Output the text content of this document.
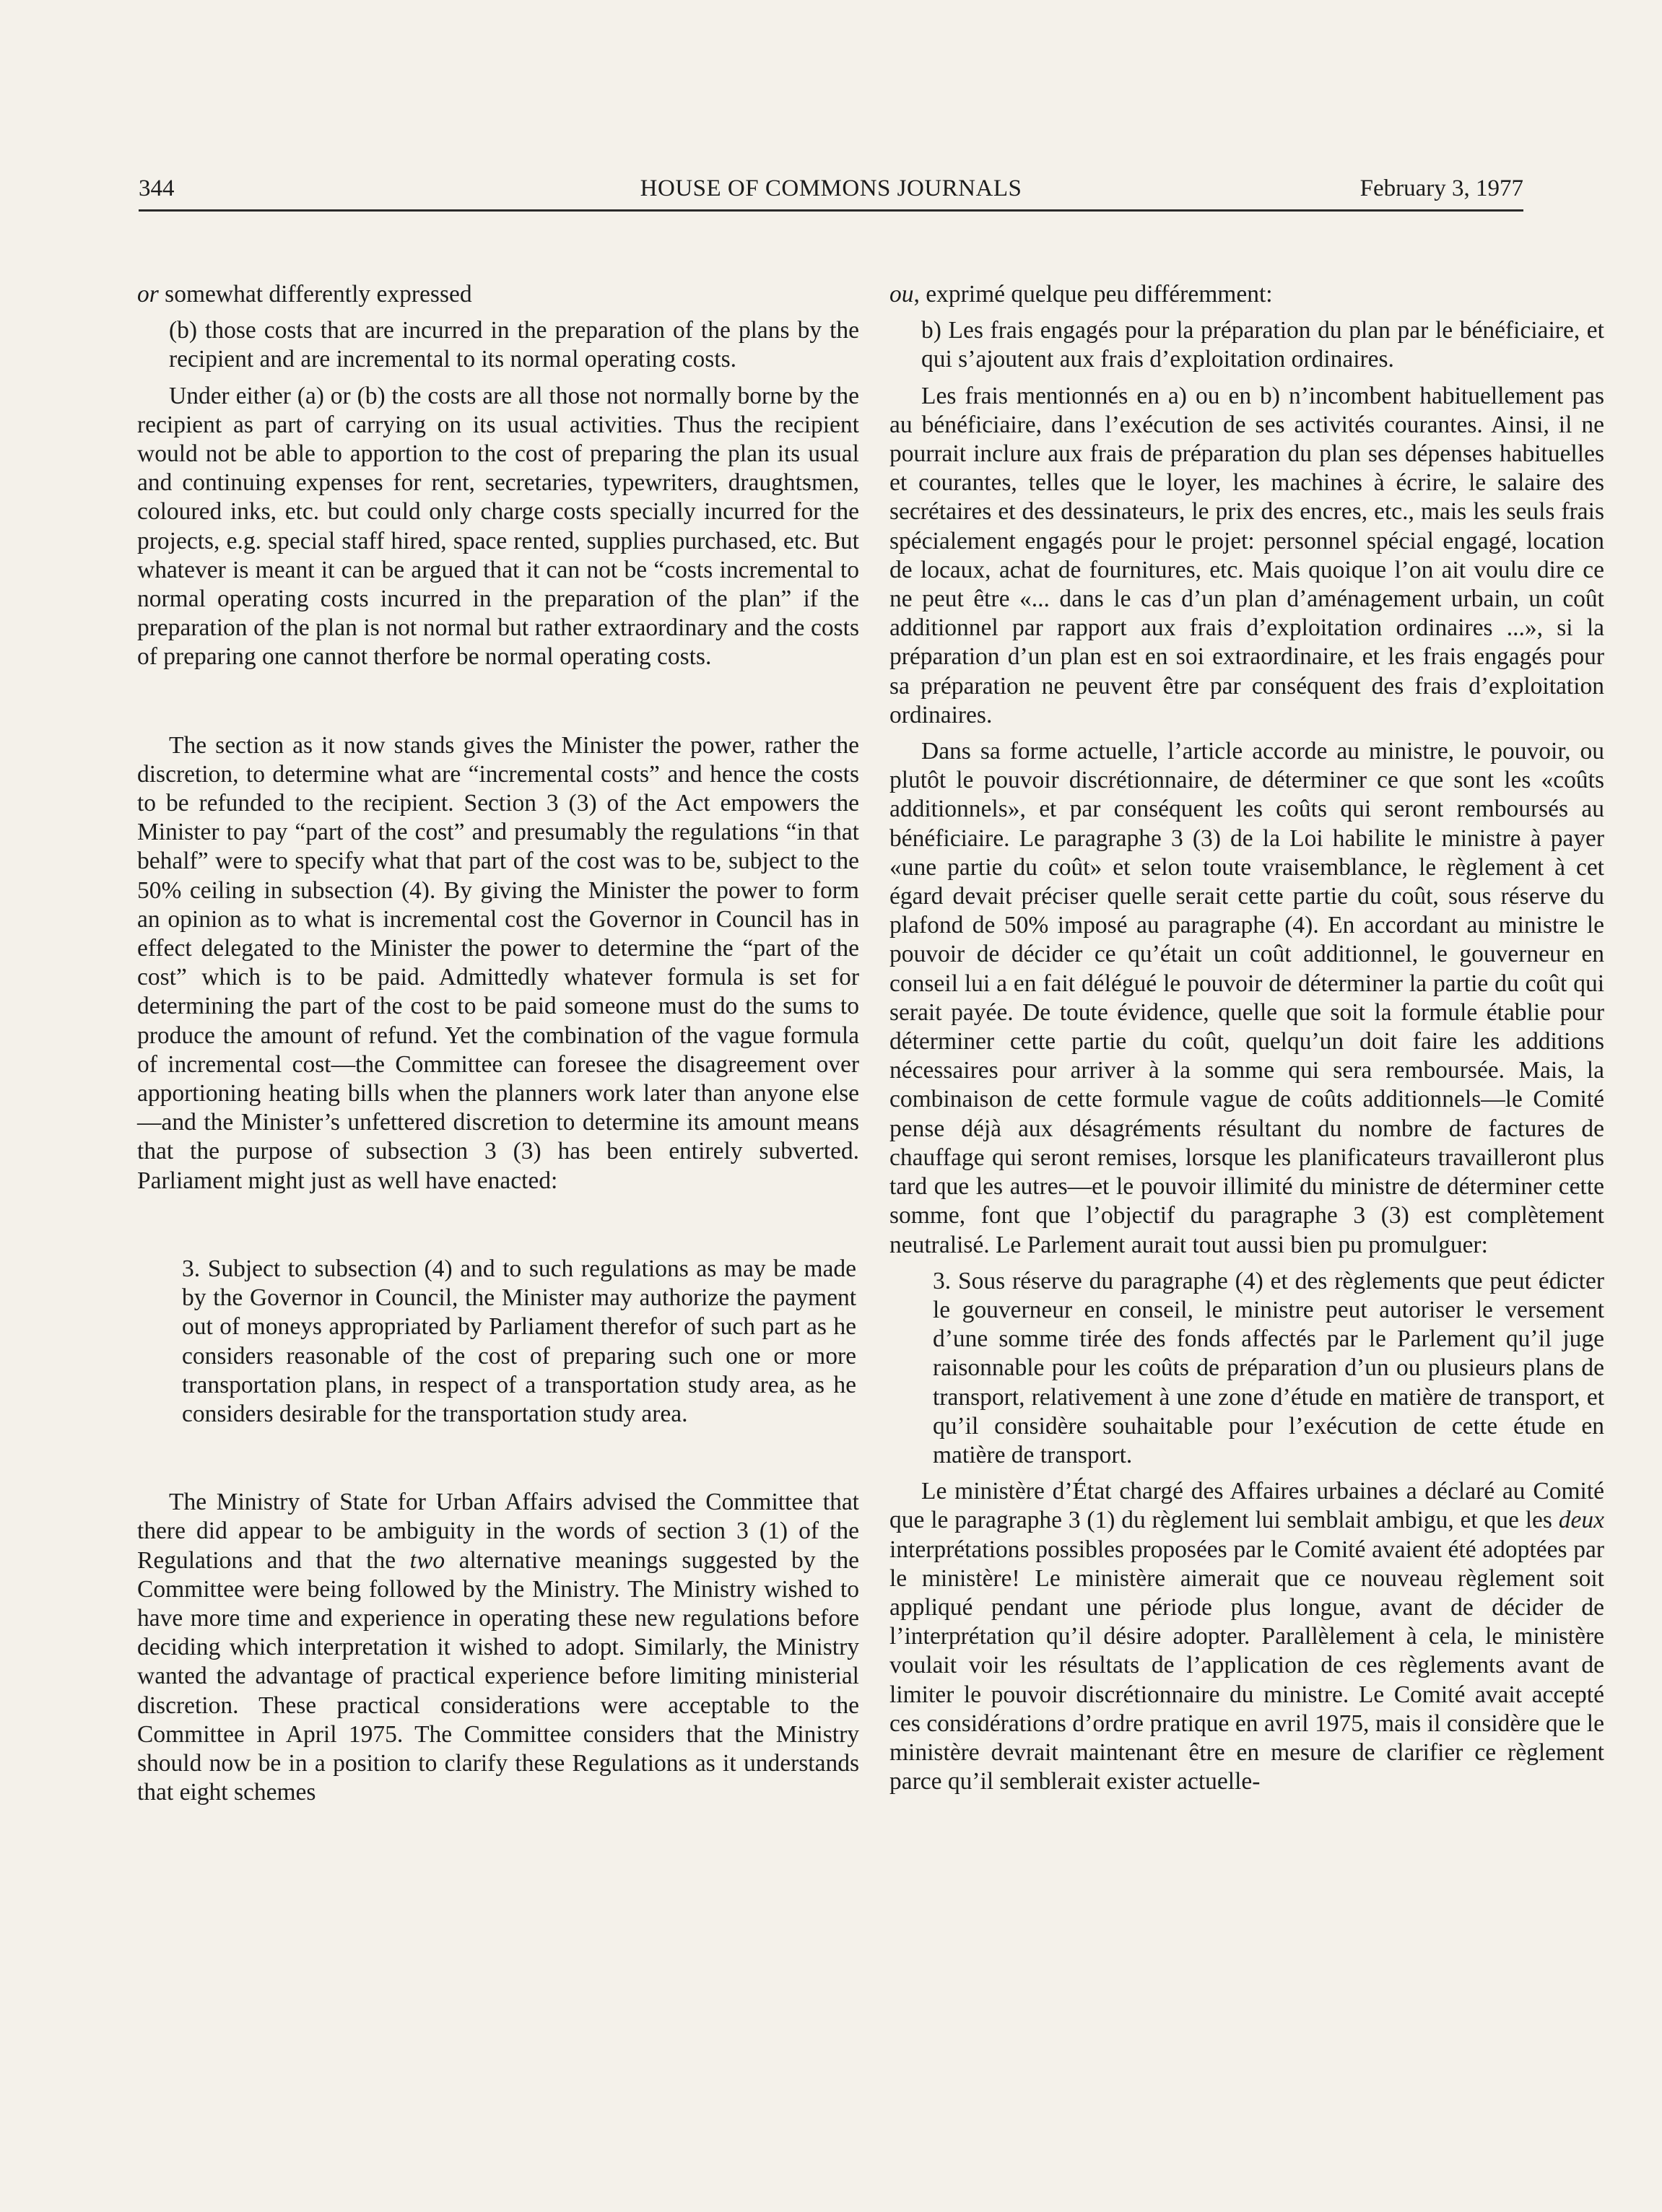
344	HOUSE OF COMMONS JOURNALS	February 3, 1977

or somewhat differently expressed

(b) those costs that are incurred in the preparation of the plans by the recipient and are incremental to its normal operating costs.

Under either (a) or (b) the costs are all those not normally borne by the recipient as part of carrying on its usual activities. Thus the recipient would not be able to apportion to the cost of preparing the plan its usual and continuing expenses for rent, secretaries, typewriters, draughtsmen, coloured inks, etc. but could only charge costs specially incurred for the projects, e.g. special staff hired, space rented, supplies purchased, etc. But whatever is meant it can be argued that it can not be “costs incremental to normal operating costs incurred in the preparation of the plan” if the preparation of the plan is not normal but rather extraordinary and the costs of preparing one cannot therfore be normal operating costs.

The section as it now stands gives the Minister the power, rather the discretion, to determine what are “incremental costs” and hence the costs to be refunded to the recipient. Section 3 (3) of the Act empowers the Minister to pay “part of the cost” and presumably the regulations “in that behalf” were to specify what that part of the cost was to be, subject to the 50% ceiling in subsection (4). By giving the Minister the power to form an opinion as to what is incremental cost the Governor in Council has in effect delegated to the Minister the power to determine the “part of the cost” which is to be paid. Admittedly whatever formula is set for determining the part of the cost to be paid someone must do the sums to produce the amount of refund. Yet the combination of the vague formula of incremental cost—the Committee can foresee the disagreement over apportioning heating bills when the planners work later than anyone else—and the Minister’s unfettered discretion to determine its amount means that the purpose of subsection 3 (3) has been entirely subverted. Parliament might just as well have enacted:

3. Subject to subsection (4) and to such regulations as may be made by the Governor in Council, the Minister may authorize the payment out of moneys appropriated by Parliament therefor of such part as he considers reasonable of the cost of preparing such one or more transportation plans, in respect of a transportation study area, as he considers desirable for the transportation study area.

The Ministry of State for Urban Affairs advised the Committee that there did appear to be ambiguity in the words of section 3 (1) of the Regulations and that the two alternative meanings suggested by the Committee were being followed by the Ministry. The Ministry wished to have more time and experience in operating these new regulations before deciding which interpretation it wished to adopt. Similarly, the Ministry wanted the advantage of practical experience before limiting ministerial discretion. These practical considerations were acceptable to the Committee in April 1975. The Committee considers that the Ministry should now be in a position to clarify these Regulations as it understands that eight schemes

ou, exprimé quelque peu différemment:

b) Les frais engagés pour la préparation du plan par le bénéficiaire, et qui s’ajoutent aux frais d’exploitation ordinaires.

Les frais mentionnés en a) ou en b) n’incombent habituellement pas au bénéficiaire, dans l’exécution de ses activités courantes. Ainsi, il ne pourrait inclure aux frais de préparation du plan ses dépenses habituelles et courantes, telles que le loyer, les machines à écrire, le salaire des secrétaires et des dessinateurs, le prix des encres, etc., mais les seuls frais spécialement engagés pour le projet: personnel spécial engagé, location de locaux, achat de fournitures, etc. Mais quoique l’on ait voulu dire ce ne peut être «... dans le cas d’un plan d’aménagement urbain, un coût additionnel par rapport aux frais d’exploitation ordinaires ...», si la préparation d’un plan est en soi extraordinaire, et les frais engagés pour sa préparation ne peuvent être par conséquent des frais d’exploitation ordinaires.

Dans sa forme actuelle, l’article accorde au ministre, le pouvoir, ou plutôt le pouvoir discrétionnaire, de déterminer ce que sont les «coûts additionnels», et par conséquent les coûts qui seront remboursés au bénéficiaire. Le paragraphe 3 (3) de la Loi habilite le ministre à payer «une partie du coût» et selon toute vraisemblance, le règlement à cet égard devait préciser quelle serait cette partie du coût, sous réserve du plafond de 50% imposé au paragraphe (4). En accordant au ministre le pouvoir de décider ce qu’était un coût additionnel, le gouverneur en conseil lui a en fait délégué le pouvoir de déterminer la partie du coût qui serait payée. De toute évidence, quelle que soit la formule établie pour déterminer cette partie du coût, quelqu’un doit faire les additions nécessaires pour arriver à la somme qui sera remboursée. Mais, la combinaison de cette formule vague de coûts additionnels—le Comité pense déjà aux désagréments résultant du nombre de factures de chauffage qui seront remises, lorsque les planificateurs travailleront plus tard que les autres—et le pouvoir illimité du ministre de déterminer cette somme, font que l’objectif du paragraphe 3 (3) est complètement neutralisé. Le Parlement aurait tout aussi bien pu promulguer:

3. Sous réserve du paragraphe (4) et des règlements que peut édicter le gouverneur en conseil, le ministre peut autoriser le versement d’une somme tirée des fonds affectés par le Parlement qu’il juge raisonnable pour les coûts de préparation d’un ou plusieurs plans de transport, relativement à une zone d’étude en matière de transport, et qu’il considère souhaitable pour l’exécution de cette étude en matière de transport.

Le ministère d’État chargé des Affaires urbaines a déclaré au Comité que le paragraphe 3 (1) du règlement lui semblait ambigu, et que les deux interprétations possibles proposées par le Comité avaient été adoptées par le ministère! Le ministère aimerait que ce nouveau règlement soit appliqué pendant une période plus longue, avant de décider de l’interprétation qu’il désire adopter. Parallèlement à cela, le ministère voulait voir les résultats de l’application de ces règlements avant de limiter le pouvoir discrétionnaire du ministre. Le Comité avait accepté ces considérations d’ordre pratique en avril 1975, mais il considère que le ministère devrait maintenant être en mesure de clarifier ce règlement parce qu’il semblerait exister actuelle-
